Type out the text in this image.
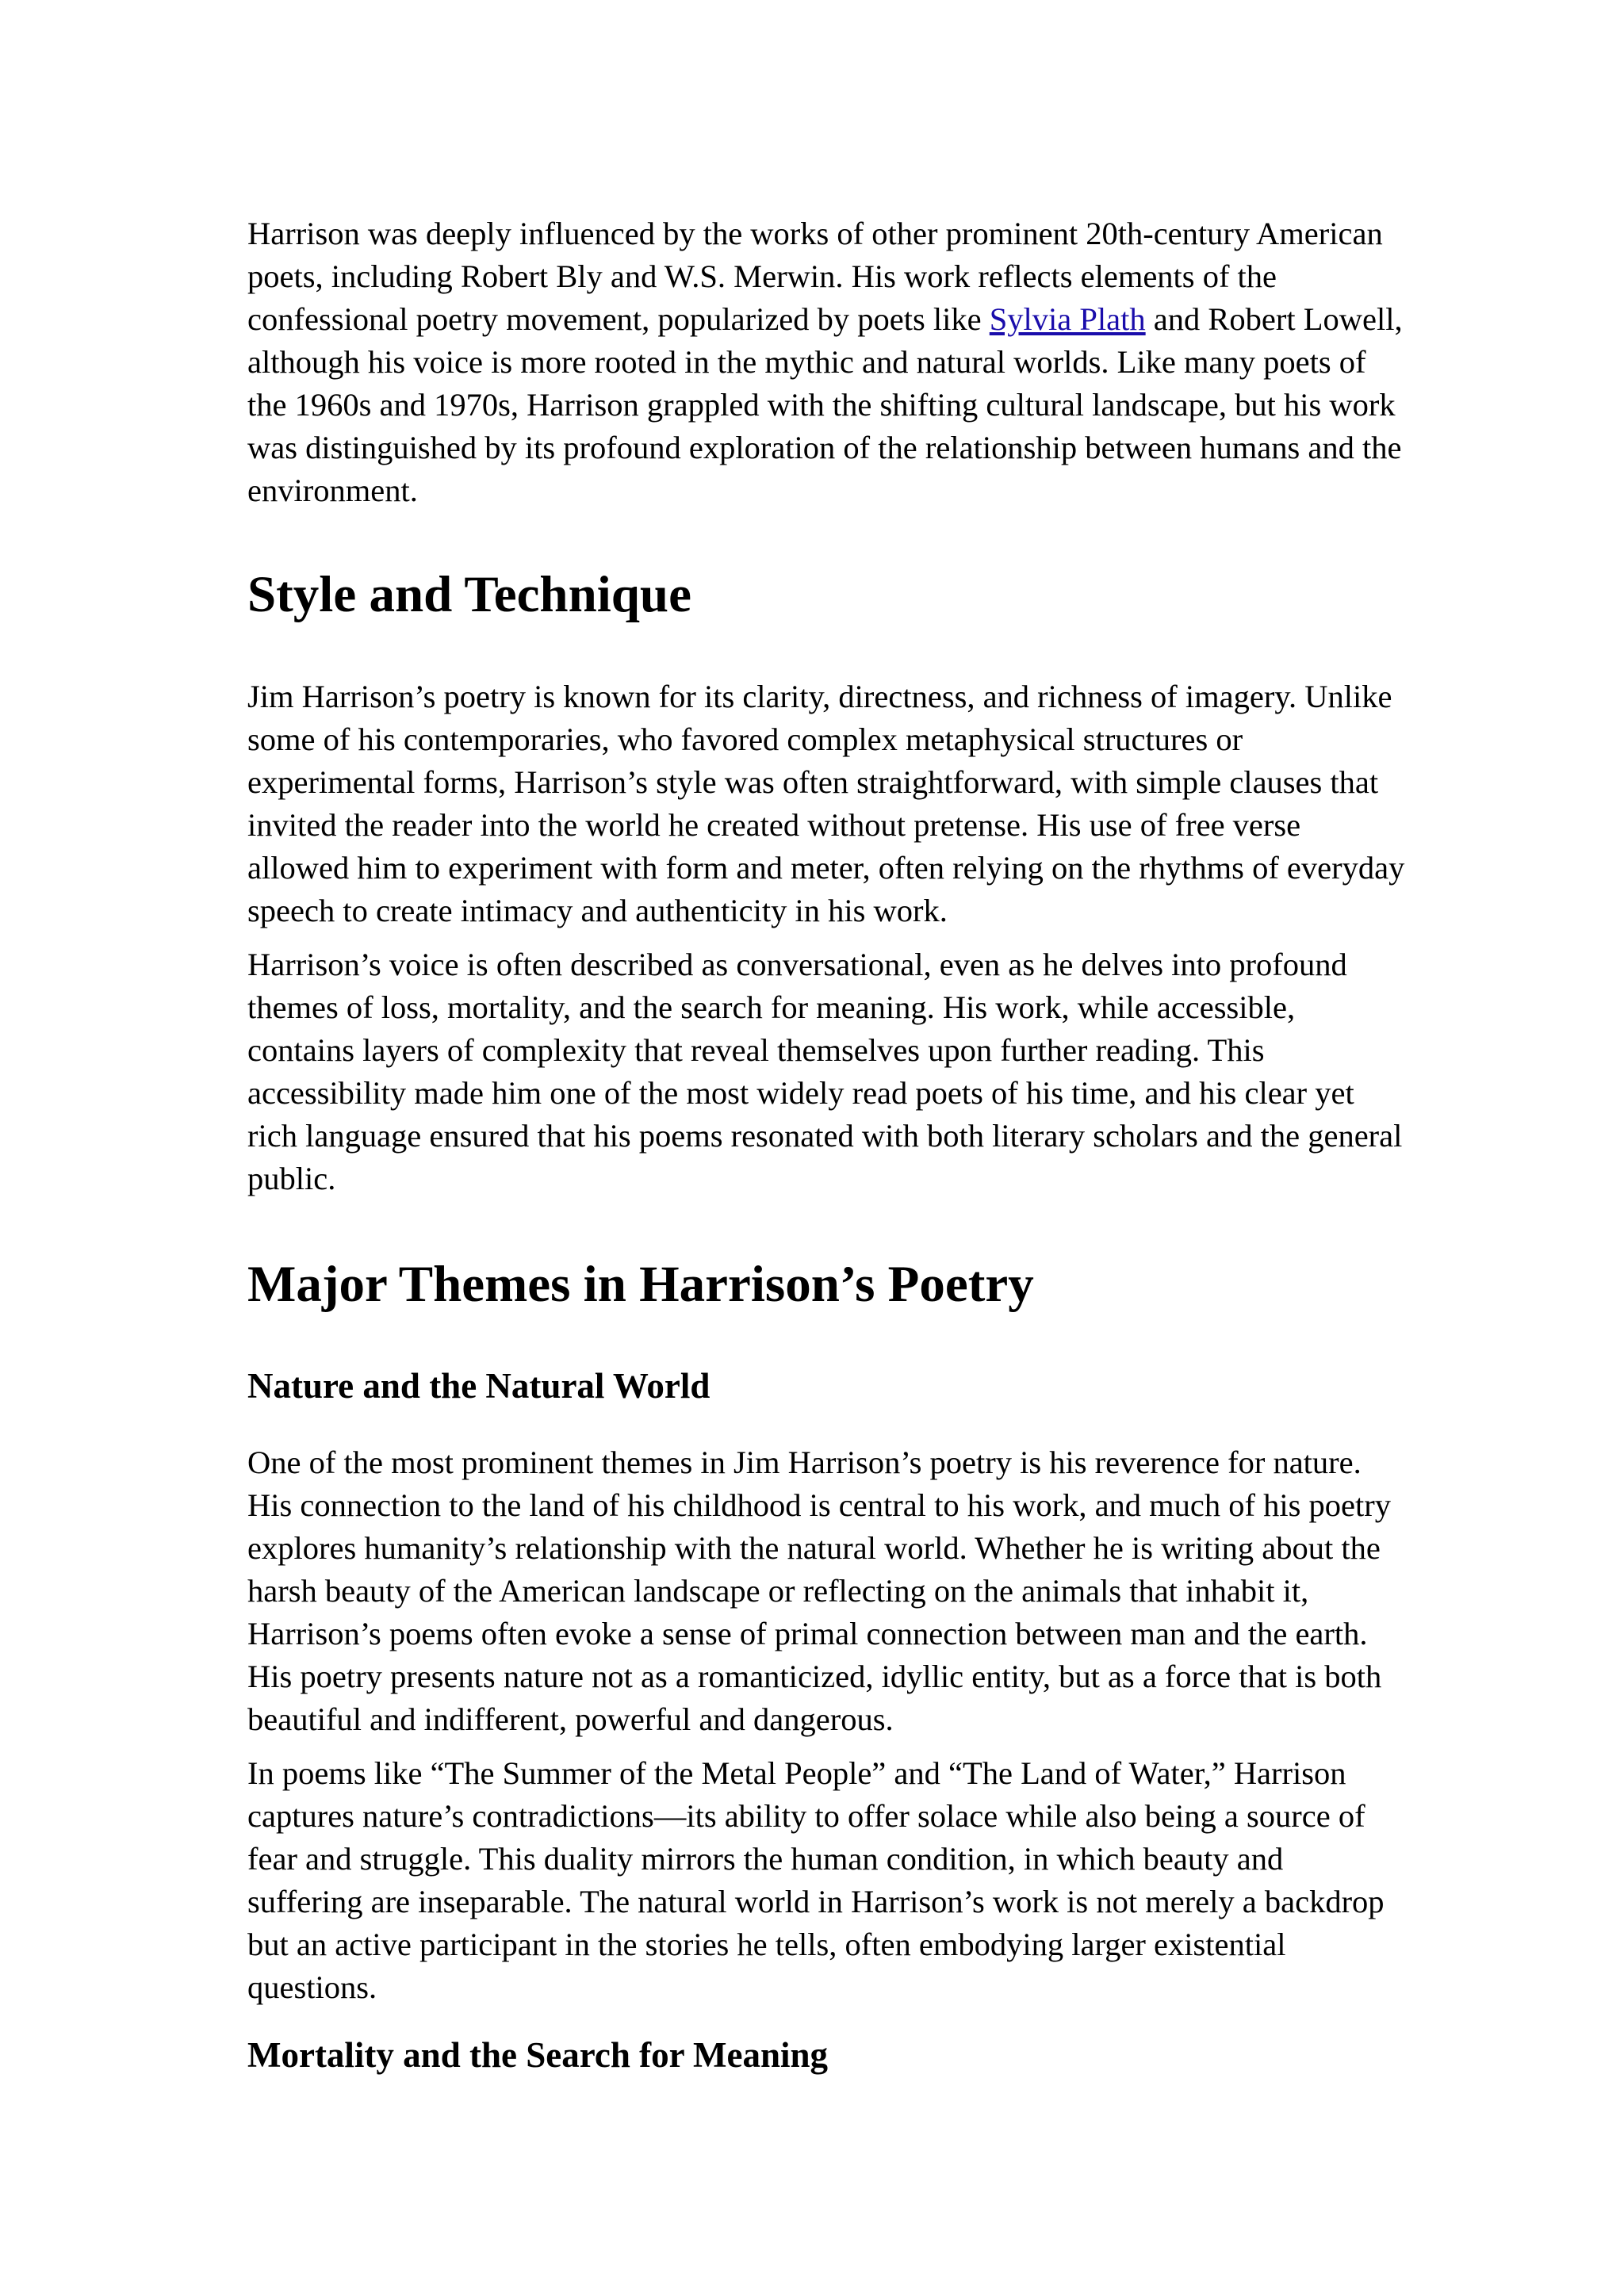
Harrison was deeply influenced by the works of other prominent 20th-century American poets, including Robert Bly and W.S. Merwin. His work reflects elements of the confessional poetry movement, popularized by poets like Sylvia Plath and Robert Lowell, although his voice is more rooted in the mythic and natural worlds. Like many poets of the 1960s and 1970s, Harrison grappled with the shifting cultural landscape, but his work was distinguished by its profound exploration of the relationship between humans and the environment.

Style and Technique

Jim Harrison’s poetry is known for its clarity, directness, and richness of imagery. Unlike some of his contemporaries, who favored complex metaphysical structures or experimental forms, Harrison’s style was often straightforward, with simple clauses that invited the reader into the world he created without pretense. His use of free verse allowed him to experiment with form and meter, often relying on the rhythms of everyday speech to create intimacy and authenticity in his work.

Harrison’s voice is often described as conversational, even as he delves into profound themes of loss, mortality, and the search for meaning. His work, while accessible, contains layers of complexity that reveal themselves upon further reading. This accessibility made him one of the most widely read poets of his time, and his clear yet rich language ensured that his poems resonated with both literary scholars and the general public.

Major Themes in Harrison’s Poetry
Nature and the Natural World

One of the most prominent themes in Jim Harrison’s poetry is his reverence for nature. His connection to the land of his childhood is central to his work, and much of his poetry explores humanity’s relationship with the natural world. Whether he is writing about the harsh beauty of the American landscape or reflecting on the animals that inhabit it, Harrison’s poems often evoke a sense of primal connection between man and the earth. His poetry presents nature not as a romanticized, idyllic entity, but as a force that is both beautiful and indifferent, powerful and dangerous.

In poems like “The Summer of the Metal People” and “The Land of Water,” Harrison captures nature’s contradictions—its ability to offer solace while also being a source of fear and struggle. This duality mirrors the human condition, in which beauty and suffering are inseparable. The natural world in Harrison’s work is not merely a backdrop but an active participant in the stories he tells, often embodying larger existential questions.

Mortality and the Search for Meaning
